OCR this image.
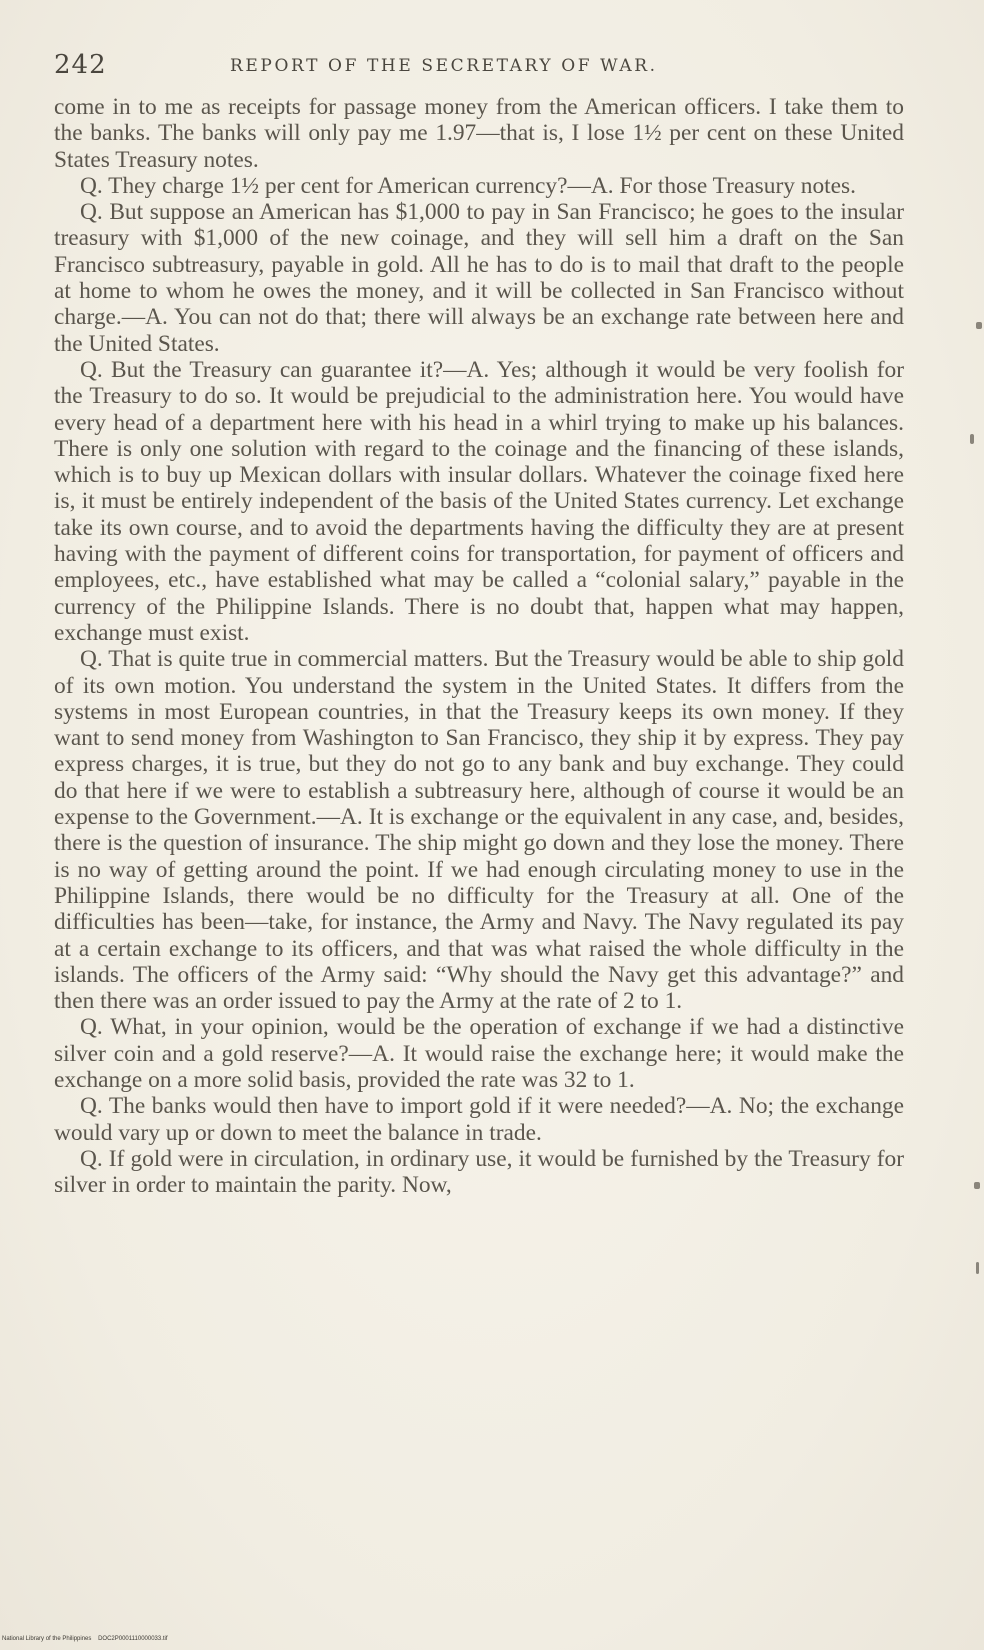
242	REPORT OF THE SECRETARY OF WAR.

come in to me as receipts for passage money from the American officers. I take them to the banks. The banks will only pay me 1.97—that is, I lose 1½ per cent on these United States Treasury notes.

Q. They charge 1½ per cent for American currency?—A. For those Treasury notes.

Q. But suppose an American has $1,000 to pay in San Francisco; he goes to the insular treasury with $1,000 of the new coinage, and they will sell him a draft on the San Francisco subtreasury, payable in gold. All he has to do is to mail that draft to the people at home to whom he owes the money, and it will be collected in San Francisco without charge.—A. You can not do that; there will always be an exchange rate between here and the United States.

Q. But the Treasury can guarantee it?—A. Yes; although it would be very foolish for the Treasury to do so. It would be prejudicial to the administration here. You would have every head of a department here with his head in a whirl trying to make up his balances. There is only one solution with regard to the coinage and the financing of these islands, which is to buy up Mexican dollars with insular dollars. Whatever the coinage fixed here is, it must be entirely independent of the basis of the United States currency. Let exchange take its own course, and to avoid the departments having the difficulty they are at present having with the payment of different coins for transportation, for payment of officers and employees, etc., have established what may be called a “colonial salary,” payable in the currency of the Philippine Islands. There is no doubt that, happen what may happen, exchange must exist.

Q. That is quite true in commercial matters. But the Treasury would be able to ship gold of its own motion. You understand the system in the United States. It differs from the systems in most European countries, in that the Treasury keeps its own money. If they want to send money from Washington to San Francisco, they ship it by express. They pay express charges, it is true, but they do not go to any bank and buy exchange. They could do that here if we were to establish a subtreasury here, although of course it would be an expense to the Government.—A. It is exchange or the equivalent in any case, and, besides, there is the question of insurance. The ship might go down and they lose the money. There is no way of getting around the point. If we had enough circulating money to use in the Philippine Islands, there would be no difficulty for the Treasury at all. One of the difficulties has been—take, for instance, the Army and Navy. The Navy regulated its pay at a certain exchange to its officers, and that was what raised the whole difficulty in the islands. The officers of the Army said: “Why should the Navy get this advantage?” and then there was an order issued to pay the Army at the rate of 2 to 1.

Q. What, in your opinion, would be the operation of exchange if we had a distinctive silver coin and a gold reserve?—A. It would raise the exchange here; it would make the exchange on a more solid basis, provided the rate was 32 to 1.

Q. The banks would then have to import gold if it were needed?—A. No; the exchange would vary up or down to meet the balance in trade.

Q. If gold were in circulation, in ordinary use, it would be furnished by the Treasury for silver in order to maintain the parity. Now,

National Library of the Philippines DOC2P0001110000033.tif
